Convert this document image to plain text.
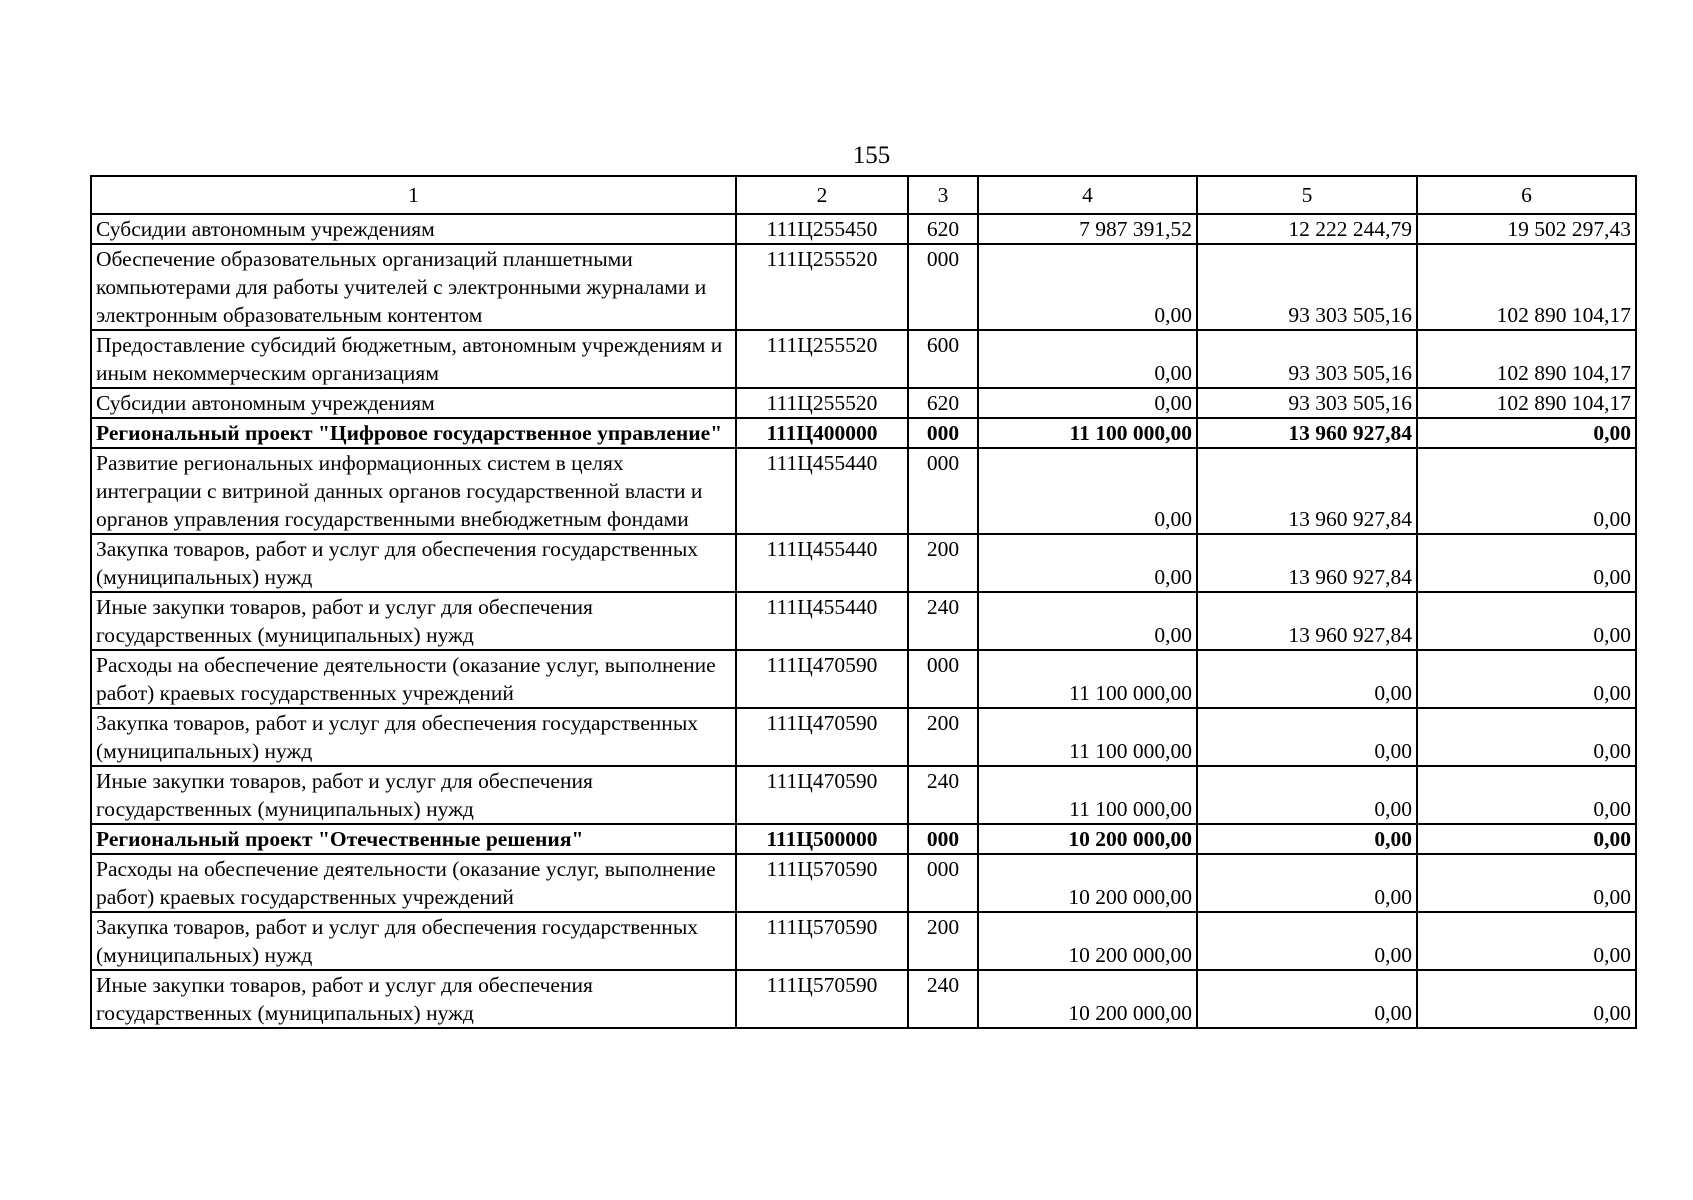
155
1	2	3	4	5	6
Субсидии автономным учреждениям	111Ц255450	620	7 987 391,52	12 222 244,79	19 502 297,43
Обеспечение образовательных организаций планшетными компьютерами для работы учителей с электронными журналами и электронным образовательным контентом	111Ц255520	000	0,00	93 303 505,16	102 890 104,17
Предоставление субсидий бюджетным, автономным учреждениям и иным некоммерческим организациям	111Ц255520	600	0,00	93 303 505,16	102 890 104,17
Субсидии автономным учреждениям	111Ц255520	620	0,00	93 303 505,16	102 890 104,17
Региональный проект "Цифровое государственное управление"	111Ц400000	000	11 100 000,00	13 960 927,84	0,00
Развитие региональных информационных систем в целях интеграции с витриной данных органов государственной власти и органов управления государственными внебюджетным фондами	111Ц455440	000	0,00	13 960 927,84	0,00
Закупка товаров, работ и услуг для обеспечения государственных (муниципальных) нужд	111Ц455440	200	0,00	13 960 927,84	0,00
Иные закупки товаров, работ и услуг для обеспечения государственных (муниципальных) нужд	111Ц455440	240	0,00	13 960 927,84	0,00
Расходы на обеспечение деятельности (оказание услуг, выполнение работ) краевых государственных учреждений	111Ц470590	000	11 100 000,00	0,00	0,00
Закупка товаров, работ и услуг для обеспечения государственных (муниципальных) нужд	111Ц470590	200	11 100 000,00	0,00	0,00
Иные закупки товаров, работ и услуг для обеспечения государственных (муниципальных) нужд	111Ц470590	240	11 100 000,00	0,00	0,00
Региональный проект "Отечественные решения"	111Ц500000	000	10 200 000,00	0,00	0,00
Расходы на обеспечение деятельности (оказание услуг, выполнение работ) краевых государственных учреждений	111Ц570590	000	10 200 000,00	0,00	0,00
Закупка товаров, работ и услуг для обеспечения государственных (муниципальных) нужд	111Ц570590	200	10 200 000,00	0,00	0,00
Иные закупки товаров, работ и услуг для обеспечения государственных (муниципальных) нужд	111Ц570590	240	10 200 000,00	0,00	0,00
